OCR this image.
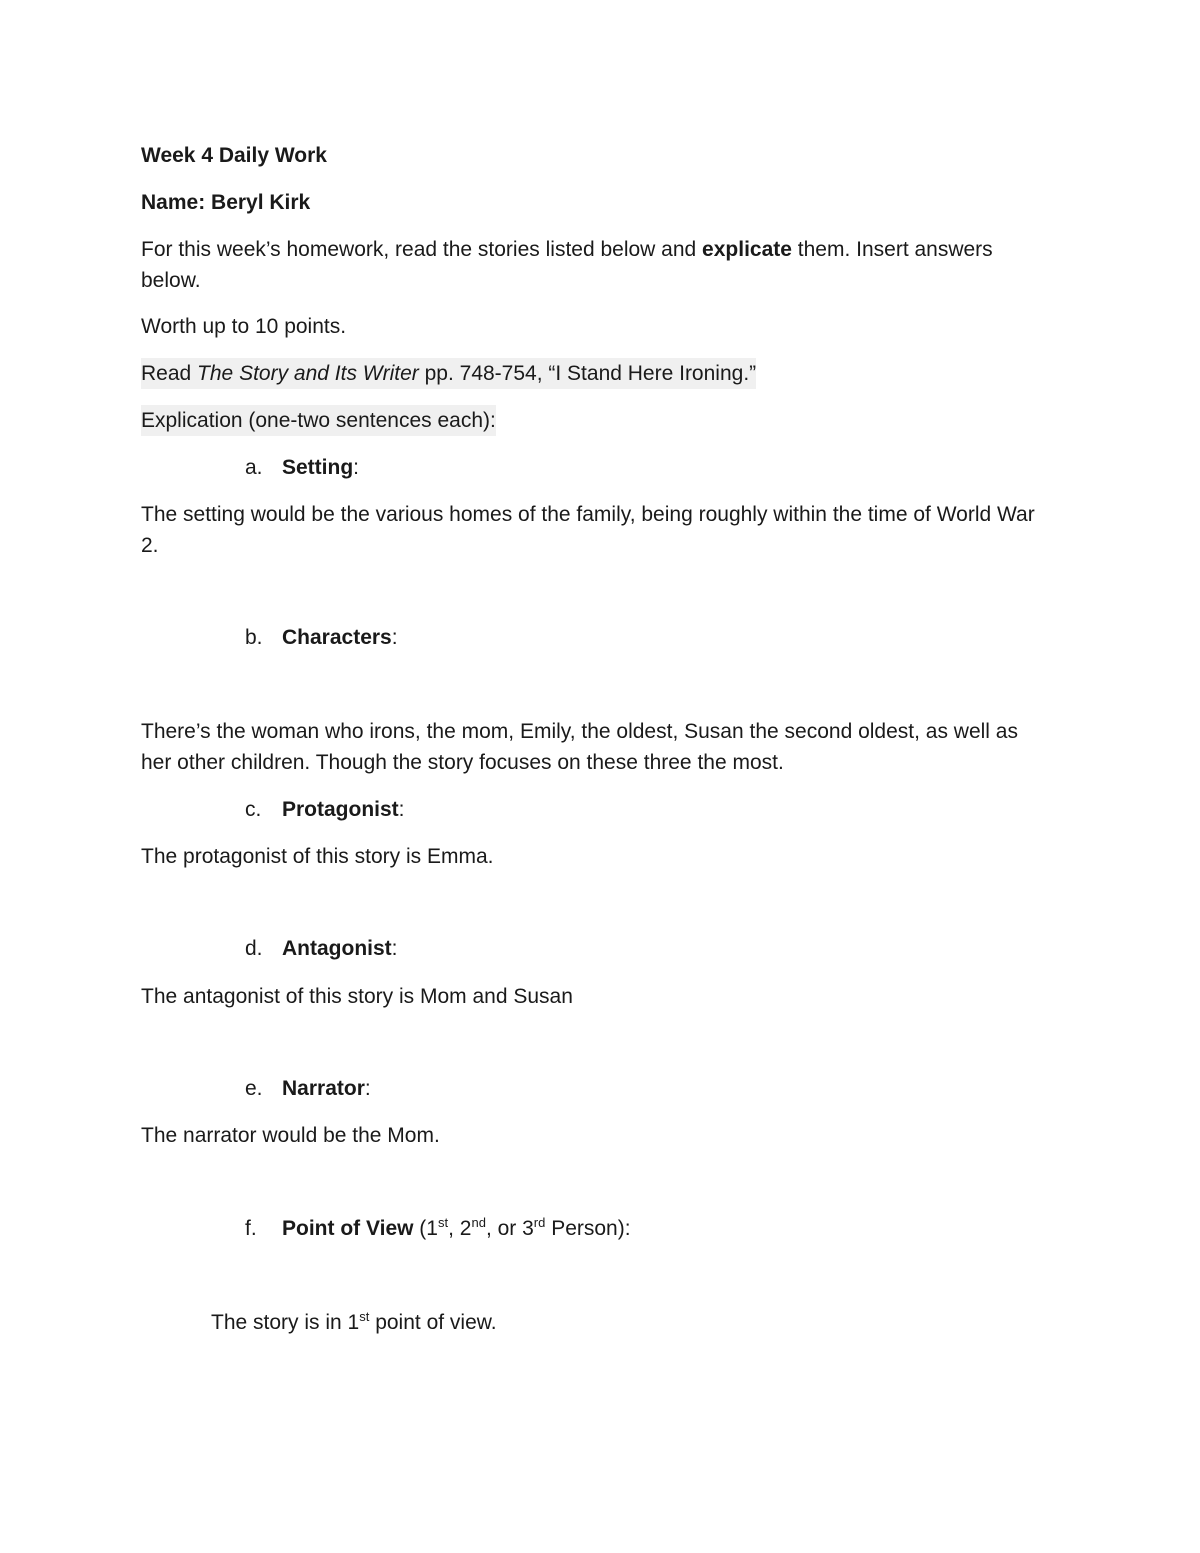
Week 4 Daily Work
Name: Beryl Kirk
For this week’s homework, read the stories listed below and explicate them. Insert answers below.
Worth up to 10 points.
Read The Story and Its Writer pp. 748-754, “I Stand Here Ironing.”
Explication (one-two sentences each):
a. Setting:
The setting would be the various homes of the family, being roughly within the time of World War 2.
b. Characters:
There’s the woman who irons, the mom, Emily, the oldest, Susan the second oldest, as well as her other children. Though the story focuses on these three the most.
c. Protagonist:
The protagonist of this story is Emma.
d. Antagonist:
The antagonist of this story is Mom and Susan
e. Narrator:
The narrator would be the Mom.
f. Point of View (1st, 2nd, or 3rd Person):
The story is in 1st point of view.
